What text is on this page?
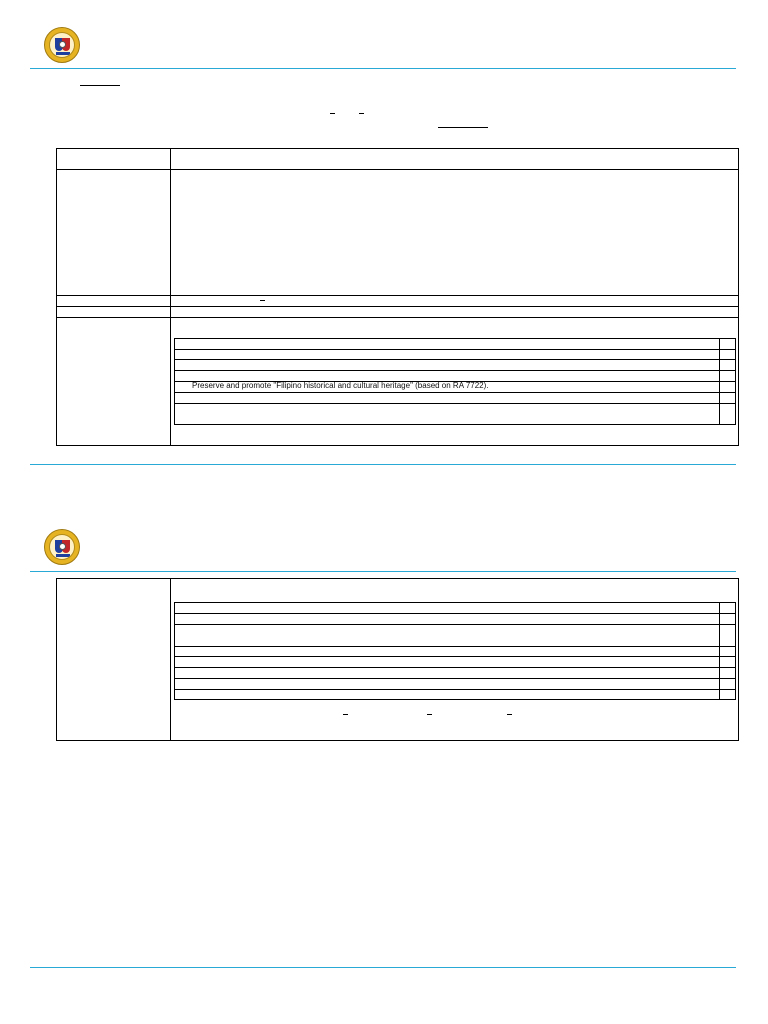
Preserve and promote "Filipino historical and cultural heritage" (based on RA 7722).
